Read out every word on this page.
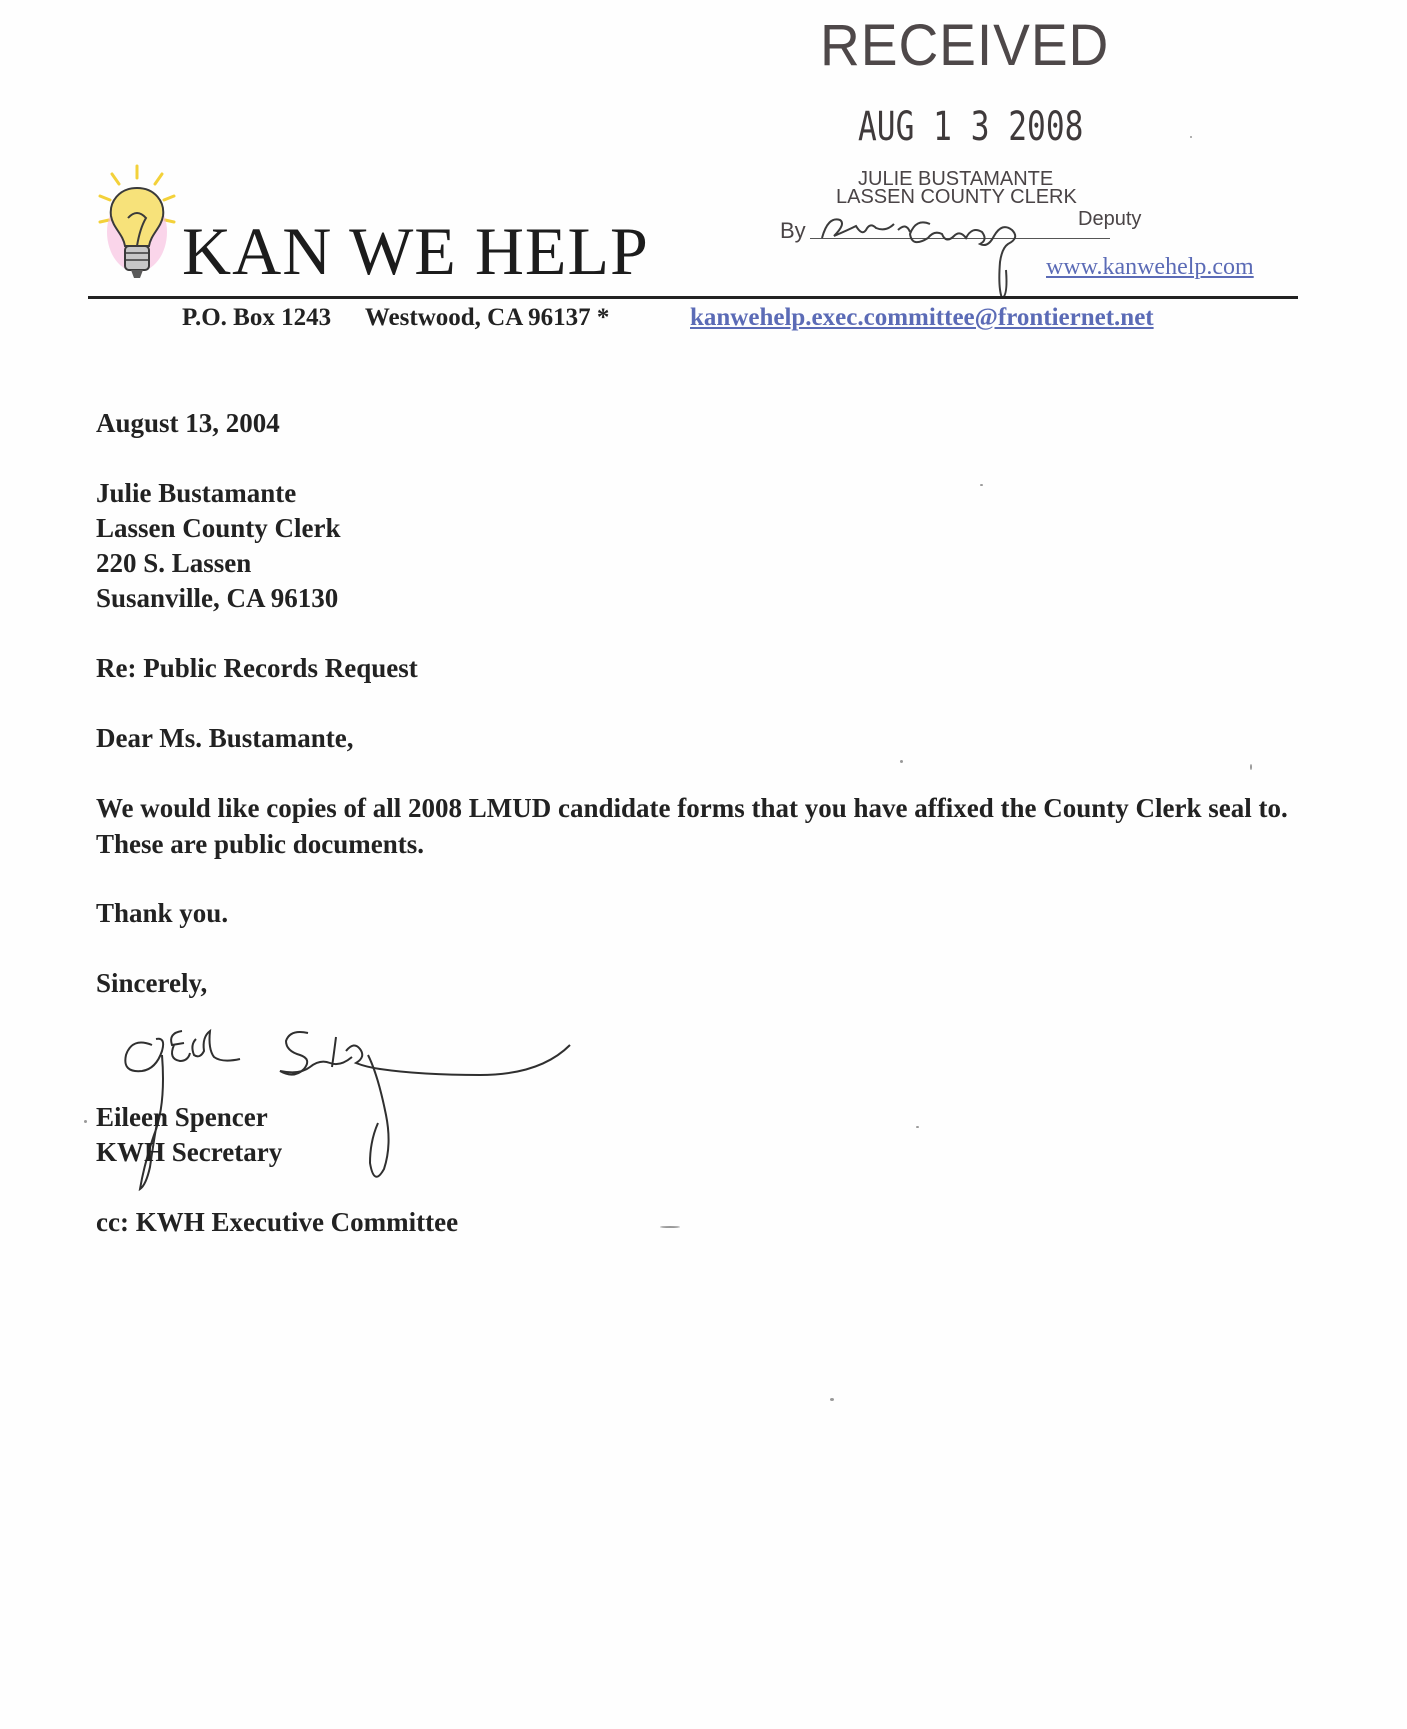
RECEIVED
AUG 1 3 2008
JULIE BUSTAMANTE
LASSEN COUNTY CLERK
By	Deputy
KAN WE HELP	www.kanwehelp.com
P.O. Box 1243 Westwood, CA 96137 *	kanwehelp.exec.committee@frontiernet.net
August 13, 2004
Julie Bustamante
Lassen County Clerk
220 S. Lassen
Susanville, CA 96130
Re: Public Records Request
Dear Ms. Bustamante,
We would like copies of all 2008 LMUD candidate forms that you have affixed the County Clerk seal to. These are public documents.
Thank you.
Sincerely,
Eileen Spencer
KWH Secretary
cc: KWH Executive Committee
